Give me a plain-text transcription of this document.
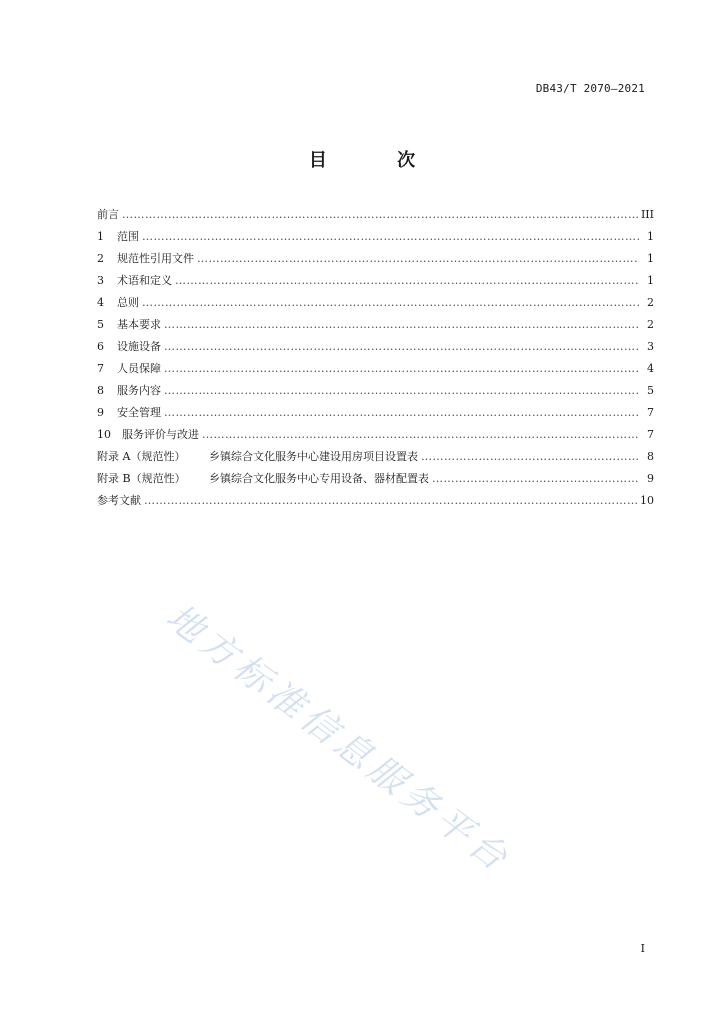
DB43/T 2070—2021
目 次
前言 ……………………………………………………………………………………………………………………………………………………………………………………………………………………………………	III
1	范围 ……………………………………………………………………………………………………………………………………………………………………………………………………………………………………	1
2	规范性引用文件 ……………………………………………………………………………………………………………………………………………………………………………………………………………………………………	1
3	术语和定义 ……………………………………………………………………………………………………………………………………………………………………………………………………………………………………	1
4	总则 ……………………………………………………………………………………………………………………………………………………………………………………………………………………………………	2
5	基本要求 ……………………………………………………………………………………………………………………………………………………………………………………………………………………………………	2
6	设施设备 ……………………………………………………………………………………………………………………………………………………………………………………………………………………………………	3
7	人员保障 ……………………………………………………………………………………………………………………………………………………………………………………………………………………………………	4
8	服务内容 ……………………………………………………………………………………………………………………………………………………………………………………………………………………………………	5
9	安全管理 ……………………………………………………………………………………………………………………………………………………………………………………………………………………………………	7
10	服务评价与改进 ……………………………………………………………………………………………………………………………………………………………………………………………………………………………………	7
附录 A（规范性）	乡镇综合文化服务中心建设用房项目设置表 ……………………………………………………………………………………………………………………………………………………………………………………………………………………………………	8
附录 B（规范性）	乡镇综合文化服务中心专用设备、器材配置表 ……………………………………………………………………………………………………………………………………………………………………………………………………………………………………	9
参考文献 ……………………………………………………………………………………………………………………………………………………………………………………………………………………………………	10
地方标准信息服务平台
I
